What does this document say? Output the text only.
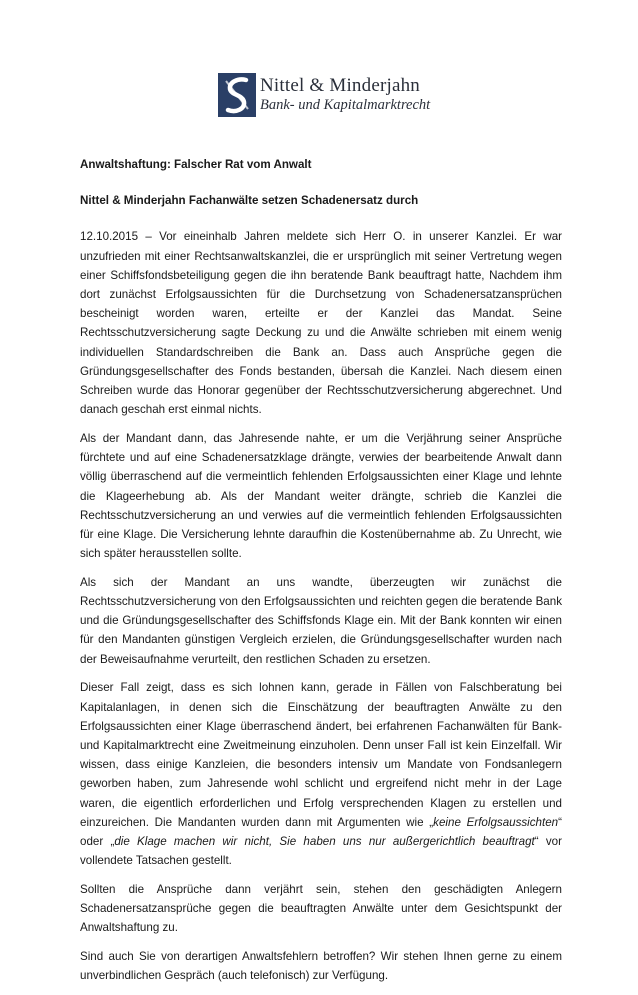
Nittel & Minderjahn
Bank- und Kapitalmarktrecht

Anwaltshaftung: Falscher Rat vom Anwalt

Nittel & Minderjahn Fachanwälte setzen Schadenersatz durch

12.10.2015 – Vor eineinhalb Jahren meldete sich Herr O. in unserer Kanzlei. Er war unzufrieden mit einer Rechtsanwaltskanzlei, die er ursprünglich mit seiner Vertretung wegen einer Schiffsfondsbeteiligung gegen die ihn beratende Bank beauftragt hatte, Nachdem ihm dort zunächst Erfolgsaussichten für die Durchsetzung von Schadenersatzansprüchen bescheinigt worden waren, erteilte er der Kanzlei das Mandat. Seine Rechtsschutzversicherung sagte Deckung zu und die Anwälte schrieben mit einem wenig individuellen Standardschreiben die Bank an. Dass auch Ansprüche gegen die Gründungsgesellschafter des Fonds bestanden, übersah die Kanzlei. Nach diesem einen Schreiben wurde das Honorar gegenüber der Rechtsschutzversicherung abgerechnet. Und danach geschah erst einmal nichts.

Als der Mandant dann, das Jahresende nahte, er um die Verjährung seiner Ansprüche fürchtete und auf eine Schadenersatzklage drängte, verwies der bearbeitende Anwalt dann völlig überraschend auf die vermeintlich fehlenden Erfolgsaussichten einer Klage und lehnte die Klageerhebung ab. Als der Mandant weiter drängte, schrieb die Kanzlei die Rechtsschutzversicherung an und verwies auf die vermeintlich fehlenden Erfolgsaussichten für eine Klage. Die Versicherung lehnte daraufhin die Kostenübernahme ab. Zu Unrecht, wie sich später herausstellen sollte.

Als sich der Mandant an uns wandte, überzeugten wir zunächst die Rechtsschutzversicherung von den Erfolgsaussichten und reichten gegen die beratende Bank und die Gründungsgesellschafter des Schiffsfonds Klage ein. Mit der Bank konnten wir einen für den Mandanten günstigen Vergleich erzielen, die Gründungsgesellschafter wurden nach der Beweisaufnahme verurteilt, den restlichen Schaden zu ersetzen.

Dieser Fall zeigt, dass es sich lohnen kann, gerade in Fällen von Falschberatung bei Kapitalanlagen, in denen sich die Einschätzung der beauftragten Anwälte zu den Erfolgsaussichten einer Klage überraschend ändert, bei erfahrenen Fachanwälten für Bank- und Kapitalmarktrecht eine Zweitmeinung einzuholen. Denn unser Fall ist kein Einzelfall. Wir wissen, dass einige Kanzleien, die besonders intensiv um Mandate von Fondsanlegern geworben haben, zum Jahresende wohl schlicht und ergreifend nicht mehr in der Lage waren, die eigentlich erforderlichen und Erfolg versprechenden Klagen zu erstellen und einzureichen. Die Mandanten wurden dann mit Argumenten wie „keine Erfolgsaussichten“ oder „die Klage machen wir nicht, Sie haben uns nur außergerichtlich beauftragt“ vor vollendete Tatsachen gestellt.

Sollten die Ansprüche dann verjährt sein, stehen den geschädigten Anlegern Schadenersatzansprüche gegen die beauftragten Anwälte unter dem Gesichtspunkt der Anwaltshaftung zu.

Sind auch Sie von derartigen Anwaltsfehlern betroffen? Wir stehen Ihnen gerne zu einem unverbindlichen Gespräch (auch telefonisch) zur Verfügung.
